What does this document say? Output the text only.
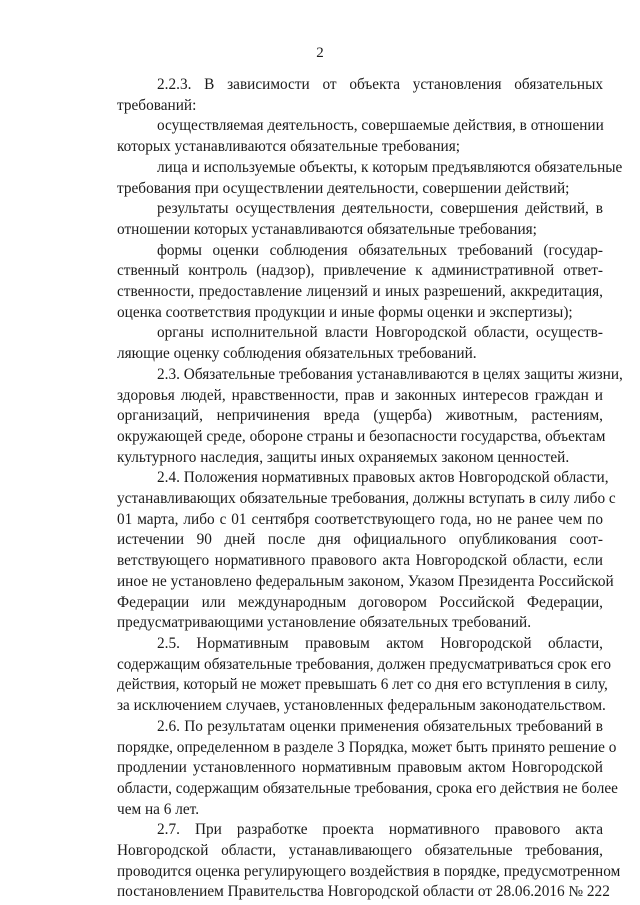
2
2.2.3. В зависимости от объекта установления обязательных
требований:
осуществляемая деятельность, совершаемые действия, в отношении
которых устанавливаются обязательные требования;
лица и используемые объекты, к которым предъявляются обязательные
требования при осуществлении деятельности, совершении действий;
результаты осуществления деятельности, совершения действий, в
отношении которых устанавливаются обязательные требования;
формы оценки соблюдения обязательных требований (государ-
ственный контроль (надзор), привлечение к административной ответ-
ственности, предоставление лицензий и иных разрешений, аккредитация,
оценка соответствия продукции и иные формы оценки и экспертизы);
органы исполнительной власти Новгородской области, осуществ-
ляющие оценку соблюдения обязательных требований.
2.3. Обязательные требования устанавливаются в целях защиты жизни,
здоровья людей, нравственности, прав и законных интересов граждан и
организаций, непричинения вреда (ущерба) животным, растениям,
окружающей среде, обороне страны и безопасности государства, объектам
культурного наследия, защиты иных охраняемых законом ценностей.
2.4. Положения нормативных правовых актов Новгородской области,
устанавливающих обязательные требования, должны вступать в силу либо с
01 марта, либо с 01 сентября соответствующего года, но не ранее чем по
истечении 90 дней после дня официального опубликования соот-
ветствующего нормативного правового акта Новгородской области, если
иное не установлено федеральным законом, Указом Президента Российской
Федерации или международным договором Российской Федерации,
предусматривающими установление обязательных требований.
2.5. Нормативным правовым актом Новгородской области,
содержащим обязательные требования, должен предусматриваться срок его
действия, который не может превышать 6 лет со дня его вступления в силу,
за исключением случаев, установленных федеральным законодательством.
2.6. По результатам оценки применения обязательных требований в
порядке, определенном в разделе 3 Порядка, может быть принято решение о
продлении установленного нормативным правовым актом Новгородской
области, содержащим обязательные требования, срока его действия не более
чем на 6 лет.
2.7. При разработке проекта нормативного правового акта
Новгородской области, устанавливающего обязательные требования,
проводится оценка регулирующего воздействия в порядке, предусмотренном
постановлением Правительства Новгородской области от 28.06.2016 № 222
